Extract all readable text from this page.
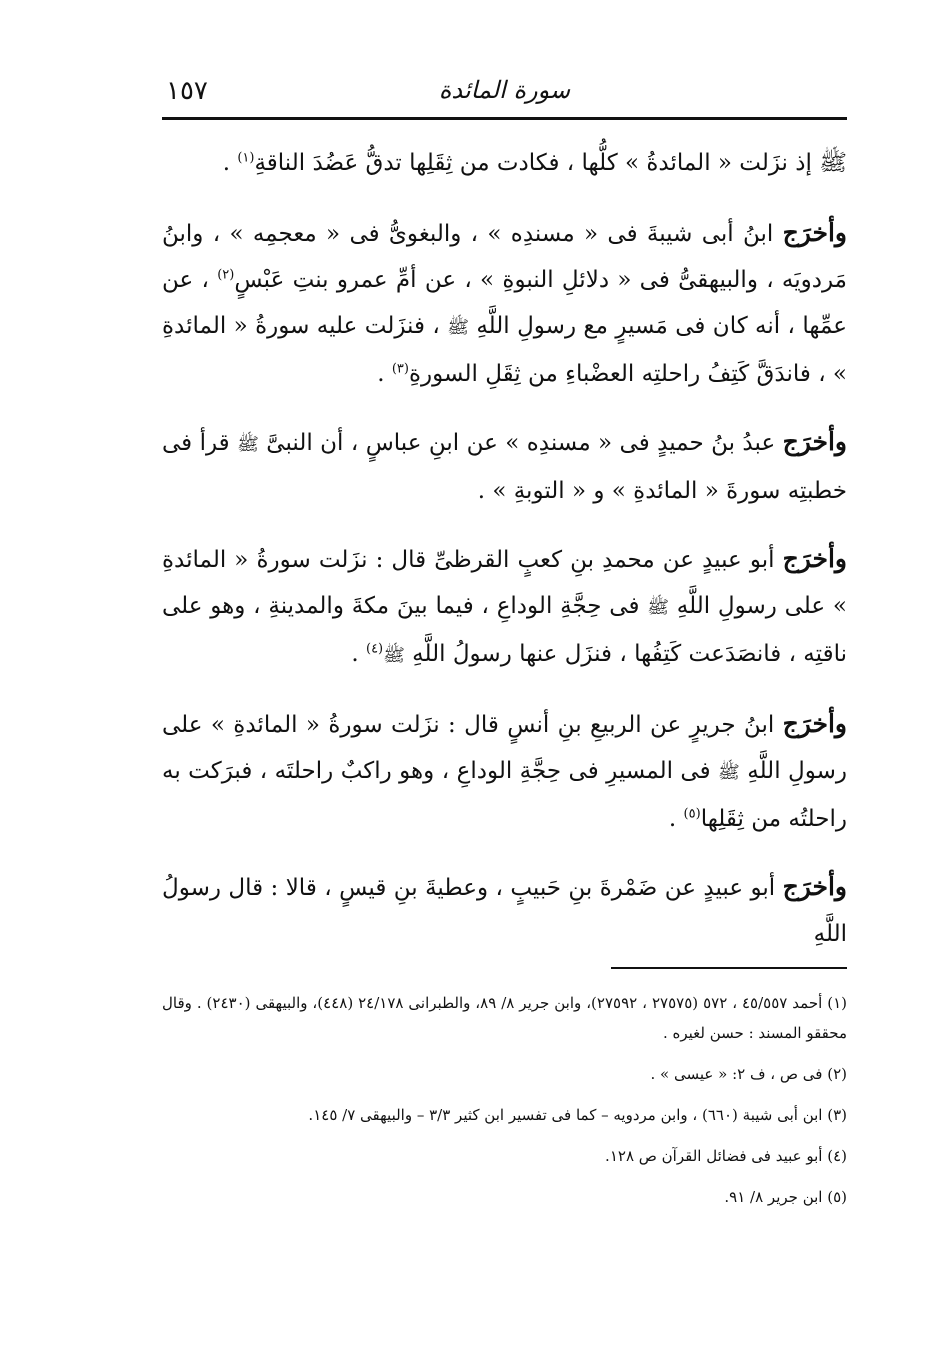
١٥٧	سورة المائدة

ﷺ إذ نزَلت « المائدةُ » كلُّها ، فكادت من ثِقَلِها تدقُّ عَضُدَ الناقةِ$^{(١)}$ .

وأخرَج ابنُ أبى شيبةَ فى « مسندِه » ، والبغوىُّ فى « معجمِه » ، وابنُ مَردويَه ، والبيهقىُّ فى « دلائلِ النبوةِ » ، عن أمِّ عمرو بنتِ عَبْسٍ$^{(٢)}$ ، عن عمِّها ، أنه كان فى مَسيرٍ مع رسولِ اللَّهِ ﷺ ، فنزَلت عليه سورةُ « المائدةِ » ، فاندَقَّ كَتِفُ راحلتِه العضْباءِ من ثِقَلِ السورةِ$^{(٣)}$ .

وأخرَج عبدُ بنُ حميدٍ فى « مسندِه » عن ابنِ عباسٍ ، أن النبىَّ ﷺ قرأ فى خطبتِه سورةَ « المائدةِ » و « التوبةِ » .

وأخرَج أبو عبيدٍ عن محمدِ بنِ كعبٍ القرظىِّ قال : نزَلت سورةُ « المائدةِ » على رسولِ اللَّهِ ﷺ فى حِجَّةِ الوداعِ ، فيما بينَ مكةَ والمدينةِ ، وهو على ناقتِه ، فانصَدَعت كَتِفُها ، فنزَل عنها رسولُ اللَّهِ ﷺ$^{(٤)}$ .

وأخرَج ابنُ جريرٍ عن الربيعِ بنِ أنسٍ قال : نزَلت سورةُ « المائدةِ » على رسولِ اللَّهِ ﷺ فى المسيرِ فى حِجَّةِ الوداعِ ، وهو راكبٌ راحلتَه ، فبرَكت به راحلتُه من ثِقَلِها$^{(٥)}$ .

وأخرَج أبو عبيدٍ عن ضَمْرةَ بنِ حَبيبٍ ، وعطيةَ بنِ قيسٍ ، قالا : قال رسولُ اللَّهِ

(١) أحمد ٤٥/٥٥٧ ، ٥٧٢ (٢٧٥٧٥ ، ٢٧٥٩٢)، وابن جرير ٨/ ٨٩، والطبرانى ٢٤/١٧٨ (٤٤٨)، والبيهقى (٢٤٣٠) . وقال محققو المسند : حسن لغيره .
(٢) فى ص ، ف ٢: « عيسى » .
(٣) ابن أبى شيبة (٦٦٠) ، وابن مردويه – كما فى تفسير ابن كثير ٣/٣ – والبيهقى ٧/ ١٤٥.
(٤) أبو عبيد فى فضائل القرآن ص ١٢٨.
(٥) ابن جرير ٨/ ٩١.
